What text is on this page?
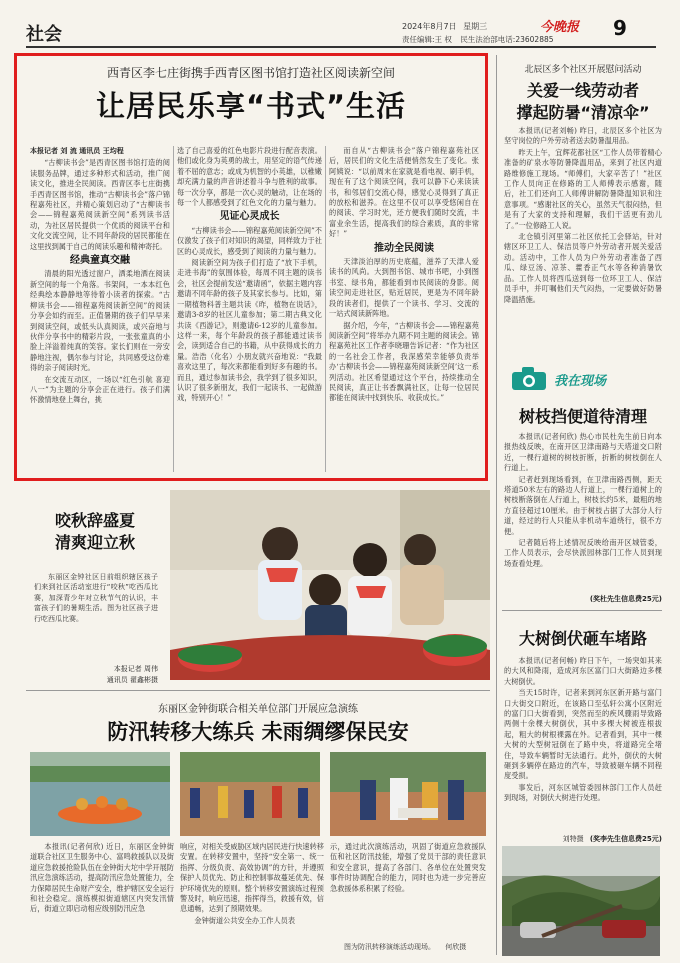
社会	2024年8月7日 星期三	今晚报 9
责任编辑:王 权 民生法治部电话:23602885
西青区李七庄街携手西青区图书馆打造社区阅读新空间
让居民乐享“书式”生活

本报记者 刘 流 通讯员 王均程

“古柳读书会”是西青区图书馆打造的阅读服务品牌，通过多种形式和活动，推广阅读文化，推进全民阅读。西青区李七庄街携手西青区图书馆，推动“古柳读书会”落户锦程嘉苑社区，并精心策划启动了“古柳读书会——锦程嘉苑阅读新空间”系列读书活动，为社区居民提供一个优质的阅读平台和文化交流空间，让不同年龄段的居民都能在这里找到属于自己的阅读乐趣和精神寄托。

经典童真交融

清晨的阳光透过窗户，洒柔地洒在阅读新空间的每一个角落。书架间，一本本红色经典绘本静静地等待着小读者的探索。“古柳读书会——锦程嘉苑阅读新空间”的阅读分享会如约而至。正值暑期的孩子们早早来到阅读空间，或低头认真阅读，或兴奋地与伙伴分享书中的精彩片段，一张张童真的小脸上洋溢着纯真的笑容。家长们则在一旁安静地注视，偶尔参与讨论，共同感受这份难得的亲子阅读时光。

在交流互动区，一场以“红色引航 喜迎八一”为主题的分享会正在进行。孩子们满怀激情地登上舞台，挑

选了自己喜爱的红色电影片段进行配音表演。他们或化身为英勇的战士，用坚定的语气传递着不屈的意志；或成为机智的小英雄，以稚嫩却充满力量的声音讲述着斗争与胜利的故事。每一次分享，都是一次心灵的触动，让在场的每一个人都感受到了红色文化的力量与魅力。

见证心灵成长

“古柳读书会——锦程嘉苑阅读新空间”不仅激发了孩子们对知识的渴望，同样致力于社区的心灵成长，感受到了阅读的力量与魅力。

阅读新空间为孩子们打造了“放下手机，走进书海”的氛围体验，每周不同主题的读书会，社区会提前发送“邀请函”，依据主题内容邀请不同年龄的孩子及其家长参与。比如，第一期植物科普主题共读《昨，植物在说话》，邀请3-8岁的社区儿童参加；第二期古典文化共读《西游记》，则邀请6-12岁的儿童参加。这样一来，每个年龄段的孩子都能通过读书会，读到适合自己的书籍，从中获得成长的力量。浩浩（化名）小朋友就兴奋地说：“我最喜欢这里了，每次来都能看到好多有趣的书。而且，通过参加读书会，我学到了很多知识，认识了很多新朋友，我们一起读书、一起做游戏，特别开心！”

而自从“古柳读书会”落户锦程嘉苑社区后，居民们的文化生活便悄然发生了变化。张阿姨说：“以前周末在家就是看电视、刷手机，现在有了这个阅读空间，我可以静下心来读读书，和邻居们交流心得，感觉心灵得到了真正的放松和滋养。在这里不仅可以享受悠闲自在的阅读、学习时光，还方便我们随时交流，丰富业余生活，提高我们的综合素质，真的非常好！”

推动全民阅读

天津淡泊厚的历史底蕴，滋养了天津人爱读书的风尚。大到图书馆、城市书吧，小到图书室、绿书角，都能看到市民阅读的身影。阅读空间走进社区，贴近居民，更是为不同年龄段的读者们，提供了一个读书、学习、交流的一站式阅读新阵地。

据介绍，今年，“古柳读书会——锦程嘉苑阅读新空间”将举办九期不同主题的阅读会。锦程嘉苑社区工作者李晓珊告诉记者：“作为社区的一名社会工作者，我深感荣幸能够负责举办‘古柳读书会——锦程嘉苑阅读新空间’这一系列活动。社区希望通过这个平台，持续推动全民阅读，真正让书香飘满社区，让每一位居民都能在阅读中找到快乐、收获成长。”

北辰区多个社区开展慰问活动
关爱一线劳动者
撑起防暑“清凉伞”

本报讯(记者刘畅) 昨日，北辰区多个社区为坚守岗位的户外劳动者送去防暑温用品。

昨天上午，宜辉花都社区“工作人员带着精心准备的矿泉水等防暑降温用品，来到了社区内道路维修施工现场。“师傅们，大家辛苦了！”社区工作人员向正在修路的工人师傅表示感谢，随后，社工们还向工人师傅讲解防暑降温知识和注意事项。“感谢社区的关心，虽然天气很闷热，但是有了大家的支持和理解，我们干活更有劲儿了。”一位修路工人说。

北仓镇引河里第二社区依托工会驿站，针对辖区环卫工人、保洁员等户外劳动者开展关爱活动。活动中，工作人员为户外劳动者准备了西瓜、绿豆汤、凉茶、藿香正气水等各种消暑饮品。工作人员将西瓜送到每一位环卫工人、保洁员手中，并叮嘱他们天气闷热，一定要做好防暑降温措施。

我在现场
树枝挡便道待清理

本报讯(记者何欣) 热心市民杜先生前日向本报热线反映，在南开区卫津南路与天塔道交口附近，一棵行道树的树枝折断，折断的树枝倒在人行道上。

记者赶到现场看到，在卫津南路西侧，距天塔道50米左右的路边人行道上，一棵行道树上的树枝断落倒在人行道上，树枝长约5米，最粗的地方直径超过10厘米。由于树枝占据了大部分人行道，经过的行人只能从非机动车道绕行，很不方便。

记者随后将上述情况反映给南开区城管委，工作人员表示，会尽快派园林部门工作人员到现场查看处理。

(奖杜先生信息费25元)
大树倒伏砸车堵路

本报讯(记者何畅) 昨日下午，一场突如其来的大风和降雨，造成河东区富门口大街路边多棵大树倒伏。

当天15时许，记者来到河东区新开路与富门口大街交口附近，在该路口至弘轩公寓小区附近的富门口大街看到，突然而至的疾风骤雨导致路两侧十余棵大树倒伏，其中多棵大树被连根拔起，粗大的树根裸露在外。记者看到，其中一棵大树的大型树冠倒在了路中央，将道路完全堵住，导致车辆暂时无法通行。此外，倒伏的大树砸到多辆停在路边的汽车，导致被砸车辆不同程度受损。

事发后，河东区城管委园林部门工作人员赶到现场，对倒伏大树进行处理。

刘特摄 (奖李先生信息费25元)
咬秋辞盛夏
清爽迎立秋
东丽区金钟社区日前组织辖区孩子们来到社区活动室进行“咬秋”吃西瓜比赛，加深青少年对立秋节气的认识，丰富孩子们的暑期生活。图为社区孩子进行吃西瓜比赛。
本报记者 周伟
通讯员 翟鑫彬摄
东丽区金钟街联合相关单位部门开展应急演练
防汛转移大练兵 未雨绸缪保民安

本报讯(记者何欣) 近日，东丽区金钟街道联合社区卫生服务中心、富鸣救援队以及街道应急救援抢险队伍在金钟街大坨中学开展防汛应急演练活动，提高防汛应急处置能力，全力保障居民生命财产安全，维护辖区安全运行和社会稳定。演练模拟街道辖区内突发汛情后，街道立即启动相应级别防汛应急

响应，对相关受威胁区域内居民进行快速转移安置。在转移安置中，坚持“安全第一、统一指挥、分级负责、高效协调”的方针，并遵照保护人员优先、防止和控制事故蔓延优先、保护环境优先的原则。整个转移安置演练过程预警及时，响应迅速，指挥得当，救援有效，信息通畅，达到了预期效果。

金钟街道公共安全办工作人员表

示，通过此次演练活动，巩固了街道应急救援队伍和社区防汛技能，增强了党员干部的责任意识和安全意识，提高了各部门、各单位在处置突发事件时协调配合的能力，同时也为进一步完善应急救援体系积累了经验。

图为防汛转移演练活动现场。 何欣摄
